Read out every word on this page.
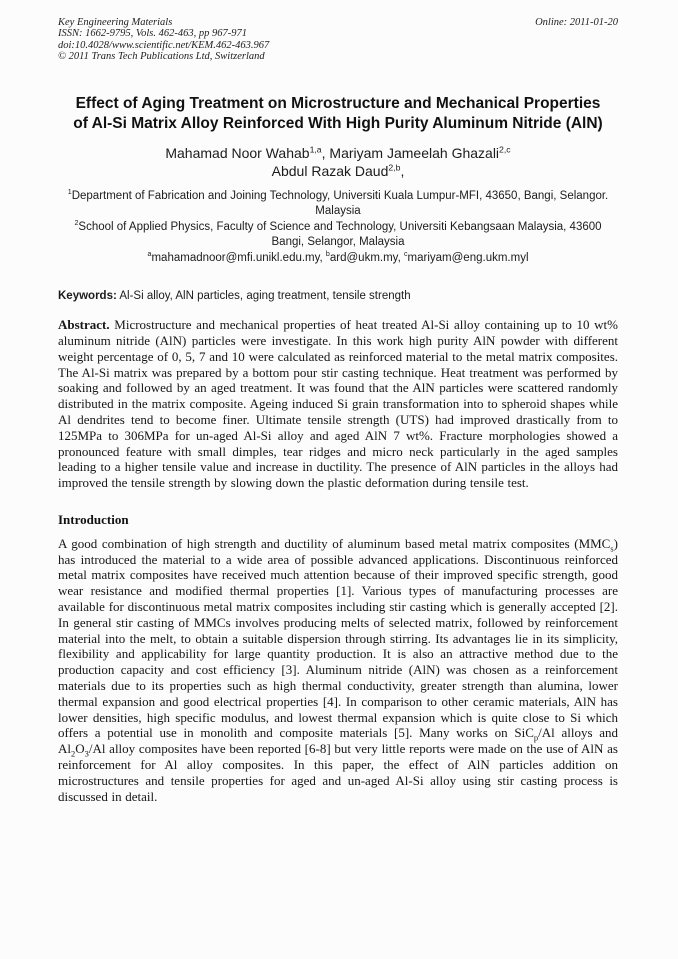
Key Engineering Materials
ISSN: 1662-9795, Vols. 462-463, pp 967-971
doi:10.4028/www.scientific.net/KEM.462-463.967
© 2011 Trans Tech Publications Ltd, Switzerland
Online: 2011-01-20
Effect of Aging Treatment on Microstructure and Mechanical Properties
of Al-Si Matrix Alloy Reinforced With High Purity Aluminum Nitride (AlN)
Mahamad Noor Wahab$^{1,a}$, Mariyam Jameelah Ghazali$^{2,c}$
Abdul Razak Daud$^{2,b}$,
$^1$Department of Fabrication and Joining Technology, Universiti Kuala Lumpur-MFI, 43650, Bangi, Selangor. Malaysia
$^2$School of Applied Physics, Faculty of Science and Technology, Universiti Kebangsaan Malaysia, 43600 Bangi, Selangor, Malaysia
$^a$mahamadnoor@mfi.unikl.edu.my, $^b$ard@ukm.my, $^c$mariyam@eng.ukm.myl

Keywords: Al-Si alloy, AlN particles, aging treatment, tensile strength

Abstract. Microstructure and mechanical properties of heat treated Al-Si alloy containing up to 10 wt% aluminum nitride (AlN) particles were investigate. In this work high purity AlN powder with different weight percentage of 0, 5, 7 and 10 were calculated as reinforced material to the metal matrix composites. The Al-Si matrix was prepared by a bottom pour stir casting technique. Heat treatment was performed by soaking and followed by an aged treatment. It was found that the AlN particles were scattered randomly distributed in the matrix composite. Ageing induced Si grain transformation into to spheroid shapes while Al dendrites tend to become finer. Ultimate tensile strength (UTS) had improved drastically from to 125MPa to 306MPa for un-aged Al-Si alloy and aged AlN 7 wt%. Fracture morphologies showed a pronounced feature with small dimples, tear ridges and micro neck particularly in the aged samples leading to a higher tensile value and increase in ductility. The presence of AlN particles in the alloys had improved the tensile strength by slowing down the plastic deformation during tensile test.

Introduction

A good combination of high strength and ductility of aluminum based metal matrix composites $(MMC_s)$ has introduced the material to a wide area of possible advanced applications. Discontinuous reinforced metal matrix composites have received much attention because of their improved specific strength, good wear resistance and modified thermal properties [1]. Various types of manufacturing processes are available for discontinuous metal matrix composites including stir casting which is generally accepted [2]. In general stir casting of MMCs involves producing melts of selected matrix, followed by reinforcement material into the melt, to obtain a suitable dispersion through stirring. Its advantages lie in its simplicity, flexibility and applicability for large quantity production. It is also an attractive method due to the production capacity and cost efficiency [3]. Aluminum nitride (AlN) was chosen as a reinforcement materials due to its properties such as high thermal conductivity, greater strength than alumina, lower thermal expansion and good electrical properties [4]. In comparison to other ceramic materials, AlN has lower densities, high specific modulus, and lowest thermal expansion which is quite close to Si which offers a potential use in monolith and composite materials [5]. Many works on SiC$_p$/Al alloys and $Al_2O_3/Al$ alloy composites have been reported [6-8] but very little reports were made on the use of AlN as reinforcement for Al alloy composites. In this paper, the effect of AlN particles addition on microstructures and tensile properties for aged and un-aged Al-Si alloy using stir casting process is discussed in detail.
